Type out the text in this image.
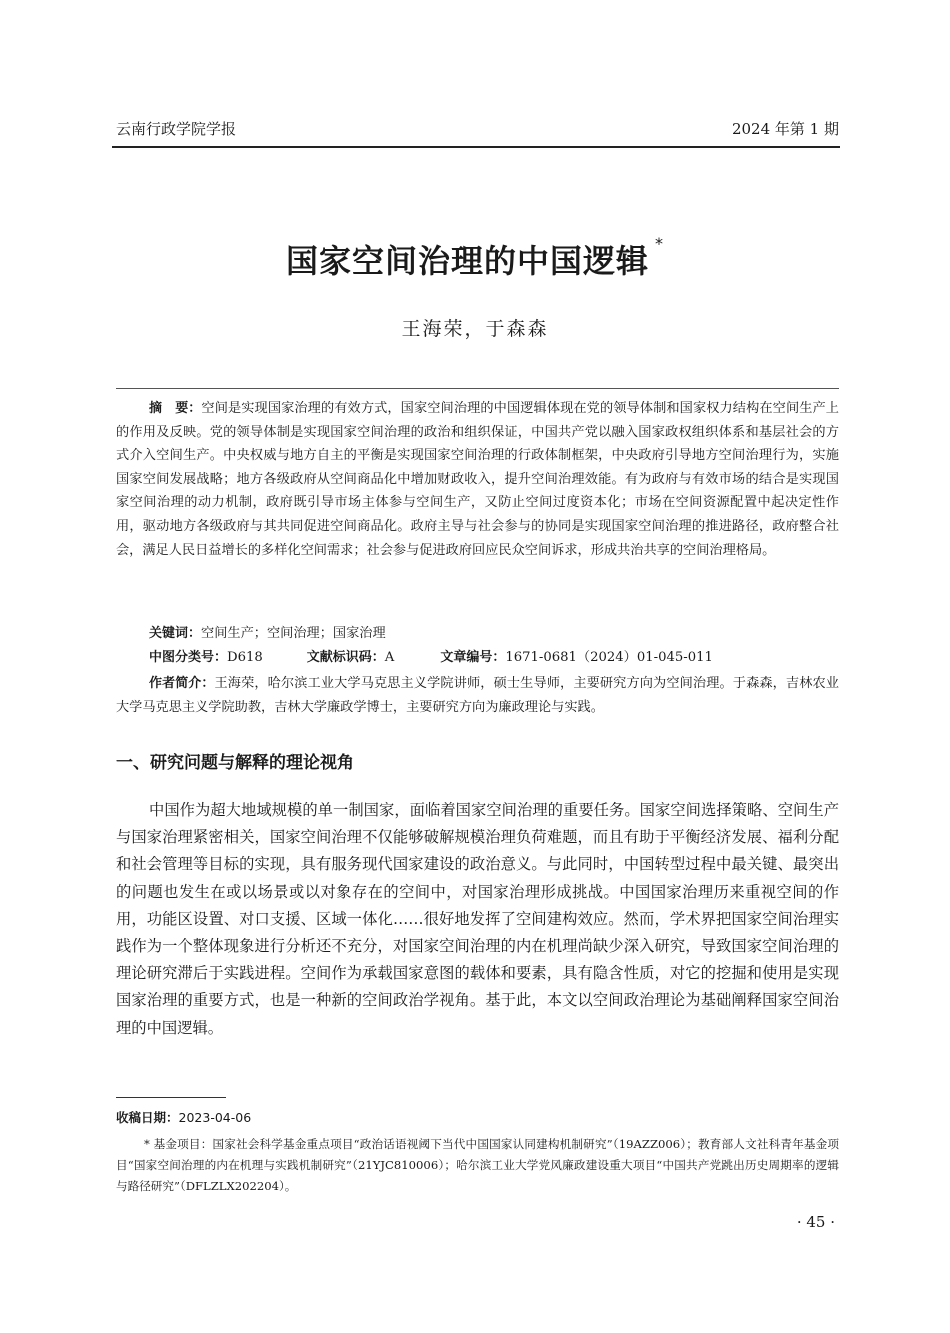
云南行政学院学报	2024 年第 1 期
国家空间治理的中国逻辑 *
王海荣，于森森
摘　要：空间是实现国家治理的有效方式，国家空间治理的中国逻辑体现在党的领导体制和国家权力结构在空间生产上的作用及反映。党的领导体制是实现国家空间治理的政治和组织保证，中国共产党以融入国家政权组织体系和基层社会的方式介入空间生产。中央权威与地方自主的平衡是实现国家空间治理的行政体制框架，中央政府引导地方空间治理行为，实施国家空间发展战略；地方各级政府从空间商品化中增加财政收入，提升空间治理效能。有为政府与有效市场的结合是实现国家空间治理的动力机制，政府既引导市场主体参与空间生产，又防止空间过度资本化；市场在空间资源配置中起决定性作用，驱动地方各级政府与其共同促进空间商品化。政府主导与社会参与的协同是实现国家空间治理的推进路径，政府整合社会，满足人民日益增长的多样化空间需求；社会参与促进政府回应民众空间诉求，形成共治共享的空间治理格局。
关键词：空间生产；空间治理；国家治理
中图分类号：D618	文献标识码：A	文章编号：1671-0681（2024）01-045-011
作者简介：王海荣，哈尔滨工业大学马克思主义学院讲师，硕士生导师，主要研究方向为空间治理。于森森，吉林农业大学马克思主义学院助教，吉林大学廉政学博士，主要研究方向为廉政理论与实践。
一、研究问题与解释的理论视角
中国作为超大地域规模的单一制国家，面临着国家空间治理的重要任务。国家空间选择策略、空间生产与国家治理紧密相关，国家空间治理不仅能够破解规模治理负荷难题，而且有助于平衡经济发展、福利分配和社会管理等目标的实现，具有服务现代国家建设的政治意义。与此同时，中国转型过程中最关键、最突出的问题也发生在或以场景或以对象存在的空间中，对国家治理形成挑战。中国国家治理历来重视空间的作用，功能区设置、对口支援、区域一体化……很好地发挥了空间建构效应。然而，学术界把国家空间治理实践作为一个整体现象进行分析还不充分，对国家空间治理的内在机理尚缺少深入研究，导致国家空间治理的理论研究滞后于实践进程。空间作为承载国家意图的载体和要素，具有隐含性质，对它的挖掘和使用是实现国家治理的重要方式，也是一种新的空间政治学视角。基于此，本文以空间政治理论为基础阐释国家空间治理的中国逻辑。
收稿日期：2023-04-06
* 基金项目：国家社会科学基金重点项目“政治话语视阈下当代中国国家认同建构机制研究”（19AZZ006）；教育部人文社科青年基金项目“国家空间治理的内在机理与实践机制研究”（21YJC810006）；哈尔滨工业大学党风廉政建设重大项目“中国共产党跳出历史周期率的逻辑与路径研究”（DFLZLX202204）。
· 45 ·
